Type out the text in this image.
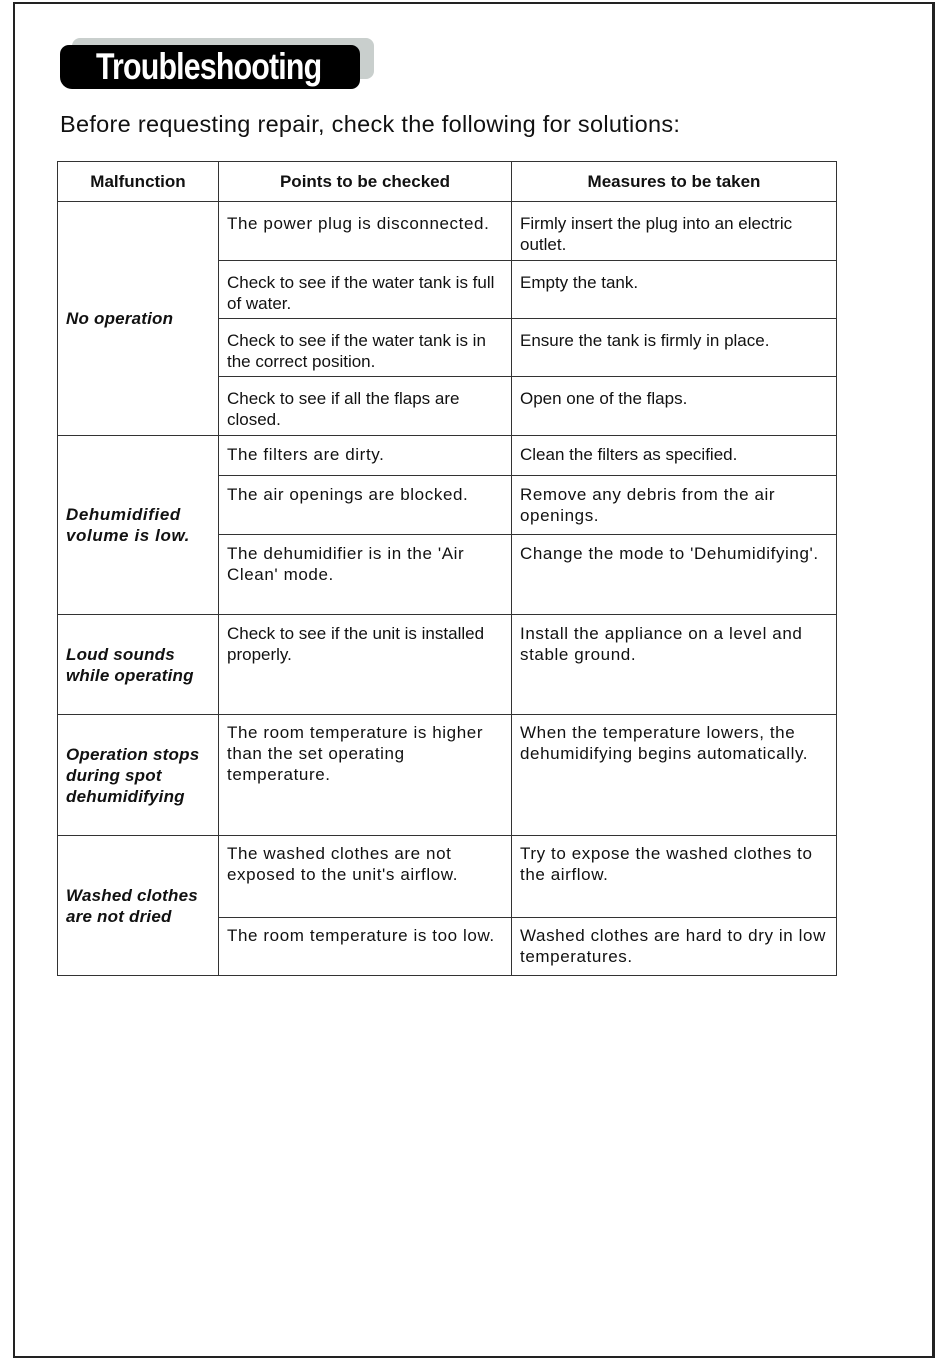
Troubleshooting
Before requesting repair, check the following for solutions:
Malfunction	Points to be checked	Measures to be taken
No operation	The power plug is disconnected.	Firmly insert the plug into an electric outlet.
	Check to see if the water tank is full of water.	Empty the tank.
	Check to see if the water tank is in the correct position.	Ensure the tank is firmly in place.
	Check to see if all the flaps are closed.	Open one of the flaps.
Dehumidified volume is low.	The filters are dirty.	Clean the filters as specified.
	The air openings are blocked.	Remove any debris from the air openings.
	The dehumidifier is in the 'Air Clean' mode.	Change the mode to 'Dehumidifying'.
Loud sounds while operating	Check to see if the unit is installed properly.	Install the appliance on a level and stable ground.
Operation stops during spot dehumidifying	The room temperature is higher than the set operating temperature.	When the temperature lowers, the dehumidifying begins automatically.
Washed clothes are not dried	The washed clothes are not exposed to the unit's airflow.	Try to expose the washed clothes to the airflow.
	The room temperature is too low.	Washed clothes are hard to dry in low temperatures.
